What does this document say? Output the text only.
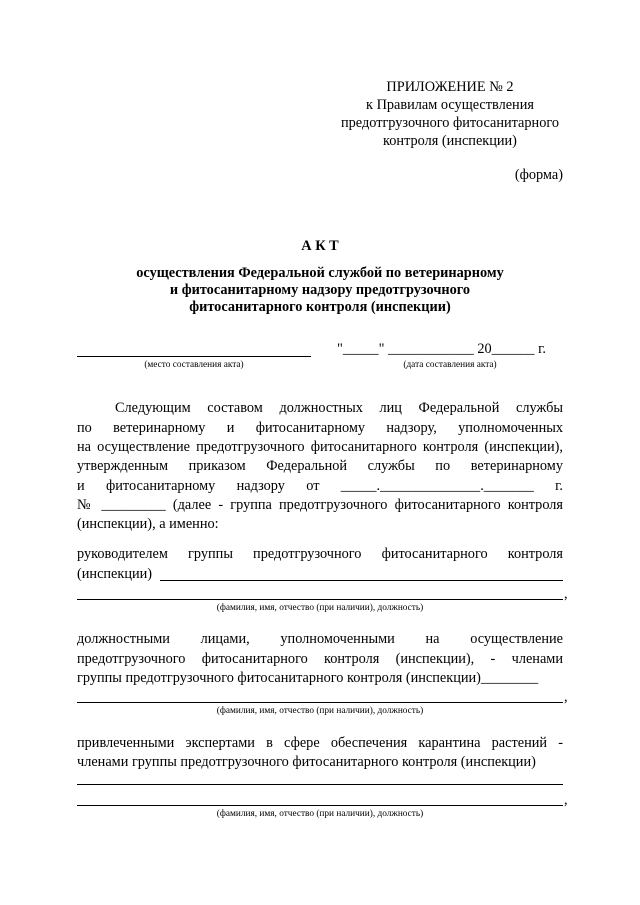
ПРИЛОЖЕНИЕ № 2
к Правилам осуществления
предотгрузочного фитосанитарного
контроля (инспекции)
(форма)
А К Т
осуществления Федеральной службой по ветеринарному
и фитосанитарному надзору предотгрузочного
фитосанитарного контроля (инспекции)
"_____" ____________ 20______ г.
(место составления акта)	(дата составления акта)
Следующим составом должностных лиц Федеральной службы
по ветеринарному и фитосанитарному надзору, уполномоченных
на осуществление предотгрузочного фитосанитарного контроля (инспекции),
утвержденным приказом Федеральной службы по ветеринарному
и фитосанитарному надзору от _____.______________._______ г.
№ _________ (далее - группа предотгрузочного фитосанитарного контроля
(инспекции), а именно:
руководителем группы предотгрузочного фитосанитарного контроля
(инспекции)
,
(фамилия, имя, отчество (при наличии), должность)
должностными лицами, уполномоченными на осуществление
предотгрузочного фитосанитарного контроля (инспекции), - членами
группы предотгрузочного фитосанитарного контроля (инспекции)________
,
(фамилия, имя, отчество (при наличии), должность)
привлеченными экспертами в сфере обеспечения карантина растений -
членами группы предотгрузочного фитосанитарного контроля (инспекции)
,
(фамилия, имя, отчество (при наличии), должность)
